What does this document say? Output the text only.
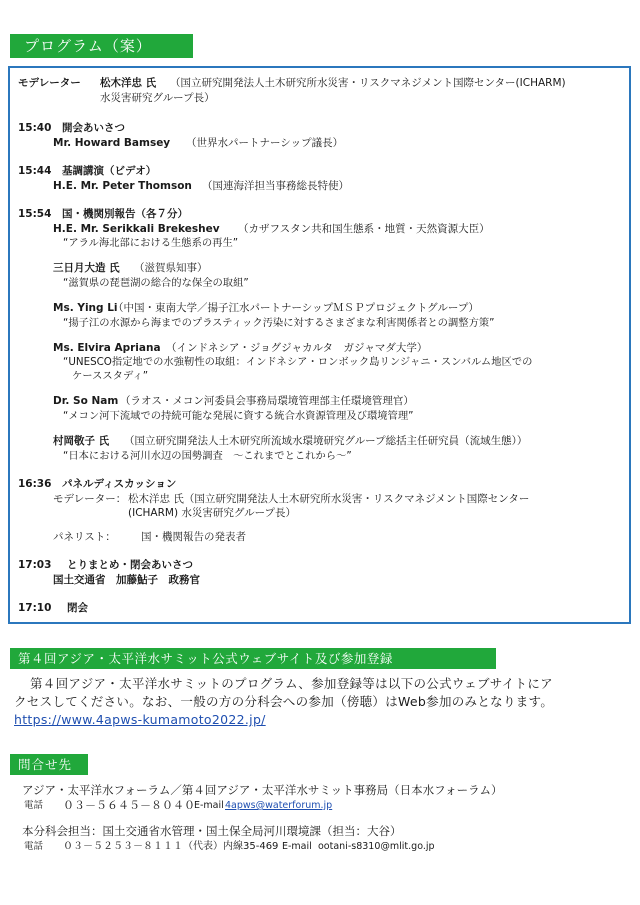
プログラム（案）
モデレーター 松木洋忠 氏 （国立研究開発法人土木研究所水災害・リスクマネジメント国際センター(ICHARM)
水災害研究グループ長）
15:40 開会あいさつ
Mr. Howard Bamsey （世界水パートナーシップ議長）
15:44 基調講演（ビデオ）
H.E. Mr. Peter Thomson （国連海洋担当事務総長特使）
15:54 国・機関別報告（各７分）
H.E. Mr. Serikkali Brekeshev （カザフスタン共和国生態系・地質・天然資源大臣）
“アラル海北部における生態系の再生”
三日月大造 氏 （滋賀県知事）
“滋賀県の琵琶湖の総合的な保全の取組”
Ms. Ying Li
（中国・東南大学／揚子江水パートナーシップＭＳＰプロジェクトグループ）
“揚子江の水源から海までのプラスティック汚染に対するさまざまな利害関係者との調整方策”
Ms. Elvira Apriana （インドネシア・ジョグジャカルタ　ガジャマダ大学）
“UNESCO指定地での水強靭性の取組：インドネシア・ロンボック島リンジャニ・スンバルム地区での
ケーススタディ”
Dr. So Nam （ラオス・メコン河委員会事務局環境管理部主任環境管理官）
“メコン河下流域での持続可能な発展に資する統合水資源管理及び環境管理”
村岡敬子 氏 （国立研究開発法人土木研究所流域水環境研究グループ総括主任研究員（流域生態））
“日本における河川水辺の国勢調査　～これまでとこれから～”
16:36 パネルディスカッション
モデレーター： 松木洋忠 氏（国立研究開発法人土木研究所水災害・リスクマネジメント国際センター
(ICHARM) 水災害研究グループ長）
パネリスト： 国・機関報告の発表者
17:03 とりまとめ・閉会あいさつ
国土交通省　加藤鮎子　政務官
17:10 閉会
第４回アジア・太平洋水サミット公式ウェブサイト及び参加登録
第４回アジア・太平洋水サミットのプログラム、参加登録等は以下の公式ウェブサイトにア
クセスしてください。なお、一般の方の分科会への参加（傍聴）はWeb参加のみとなります。
https://www.4apws-kumamoto2022.jp/
問合せ先
アジア・太平洋水フォーラム／第４回アジア・太平洋水サミット事務局（日本水フォーラム）
電話 ０３－５６４５－８０４０ E-mail 4apws@waterforum.jp
本分科会担当：国土交通省水管理・国土保全局河川環境課（担当：大谷）
電話 ０３－５２５３－８１１１（代表）内線35-469 E-mail ootani-s8310@mlit.go.jp
